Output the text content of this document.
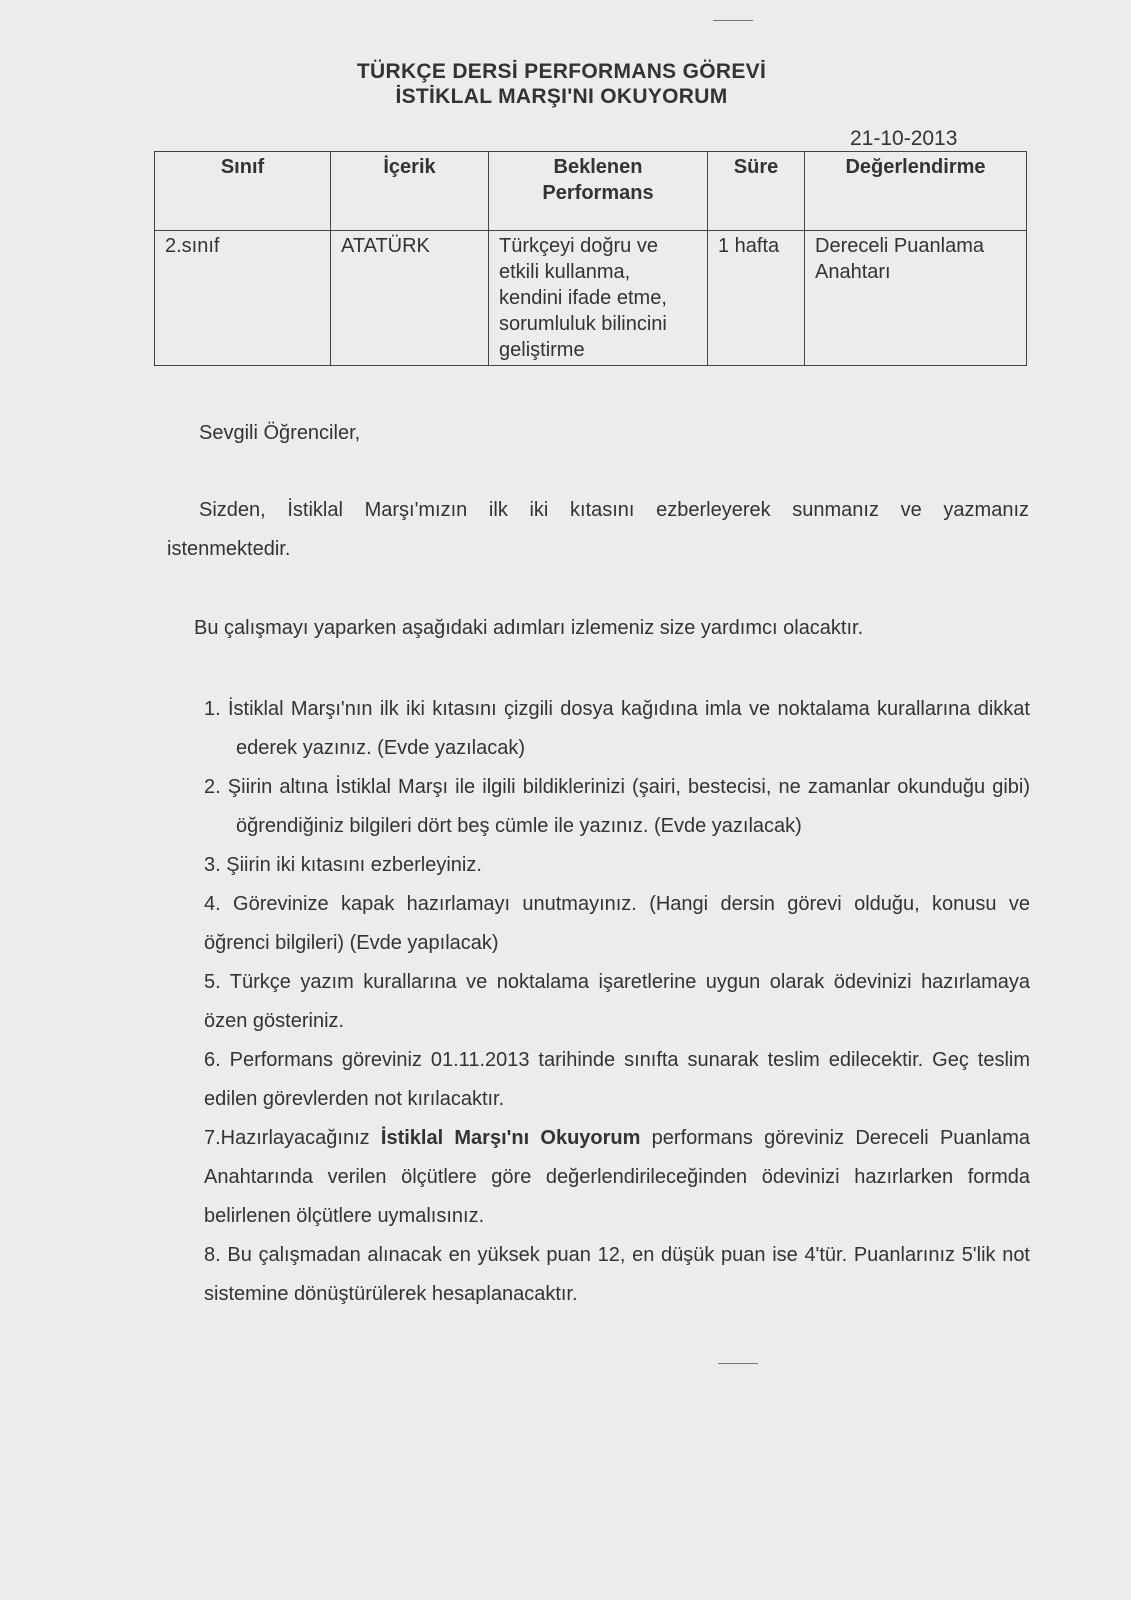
TÜRKÇE DERSİ PERFORMANS GÖREVİ
İSTİKLAL MARŞI'NI OKUYORUM
21-10-2013
Sınıf	İçerik	Beklenen Performans	Süre	Değerlendirme
2.sınıf	ATATÜRK	Türkçeyi doğru ve etkili kullanma, kendini ifade etme, sorumluluk bilincini geliştirme	1 hafta	Dereceli Puanlama Anahtarı
Sevgili Öğrenciler,
Sizden, İstiklal Marşı'mızın ilk iki kıtasını ezberleyerek sunmanız ve yazmanız
istenmektedir.
Bu çalışmayı yaparken aşağıdaki adımları izlemeniz size yardımcı olacaktır.
1. İstiklal Marşı'nın ilk iki kıtasını çizgili dosya kağıdına imla ve noktalama kurallarına dikkat ederek yazınız. (Evde yazılacak)
2. Şiirin altına İstiklal Marşı ile ilgili bildiklerinizi (şairi, bestecisi, ne zamanlar okunduğu gibi) öğrendiğiniz bilgileri dört beş cümle ile yazınız. (Evde yazılacak)
3. Şiirin iki kıtasını ezberleyiniz.
4. Görevinize kapak hazırlamayı unutmayınız. (Hangi dersin görevi olduğu, konusu ve öğrenci bilgileri) (Evde yapılacak)
5. Türkçe yazım kurallarına ve noktalama işaretlerine uygun olarak ödevinizi hazırlamaya özen gösteriniz.
6. Performans göreviniz 01.11.2013 tarihinde sınıfta sunarak teslim edilecektir. Geç teslim edilen görevlerden not kırılacaktır.
7.Hazırlayacağınız İstiklal Marşı'nı Okuyorum performans göreviniz Dereceli Puanlama Anahtarında verilen ölçütlere göre değerlendirileceğinden ödevinizi hazırlarken formda belirlenen ölçütlere uymalısınız.
8. Bu çalışmadan alınacak en yüksek puan 12, en düşük puan ise 4'tür. Puanlarınız 5'lik not sistemine dönüştürülerek hesaplanacaktır.
